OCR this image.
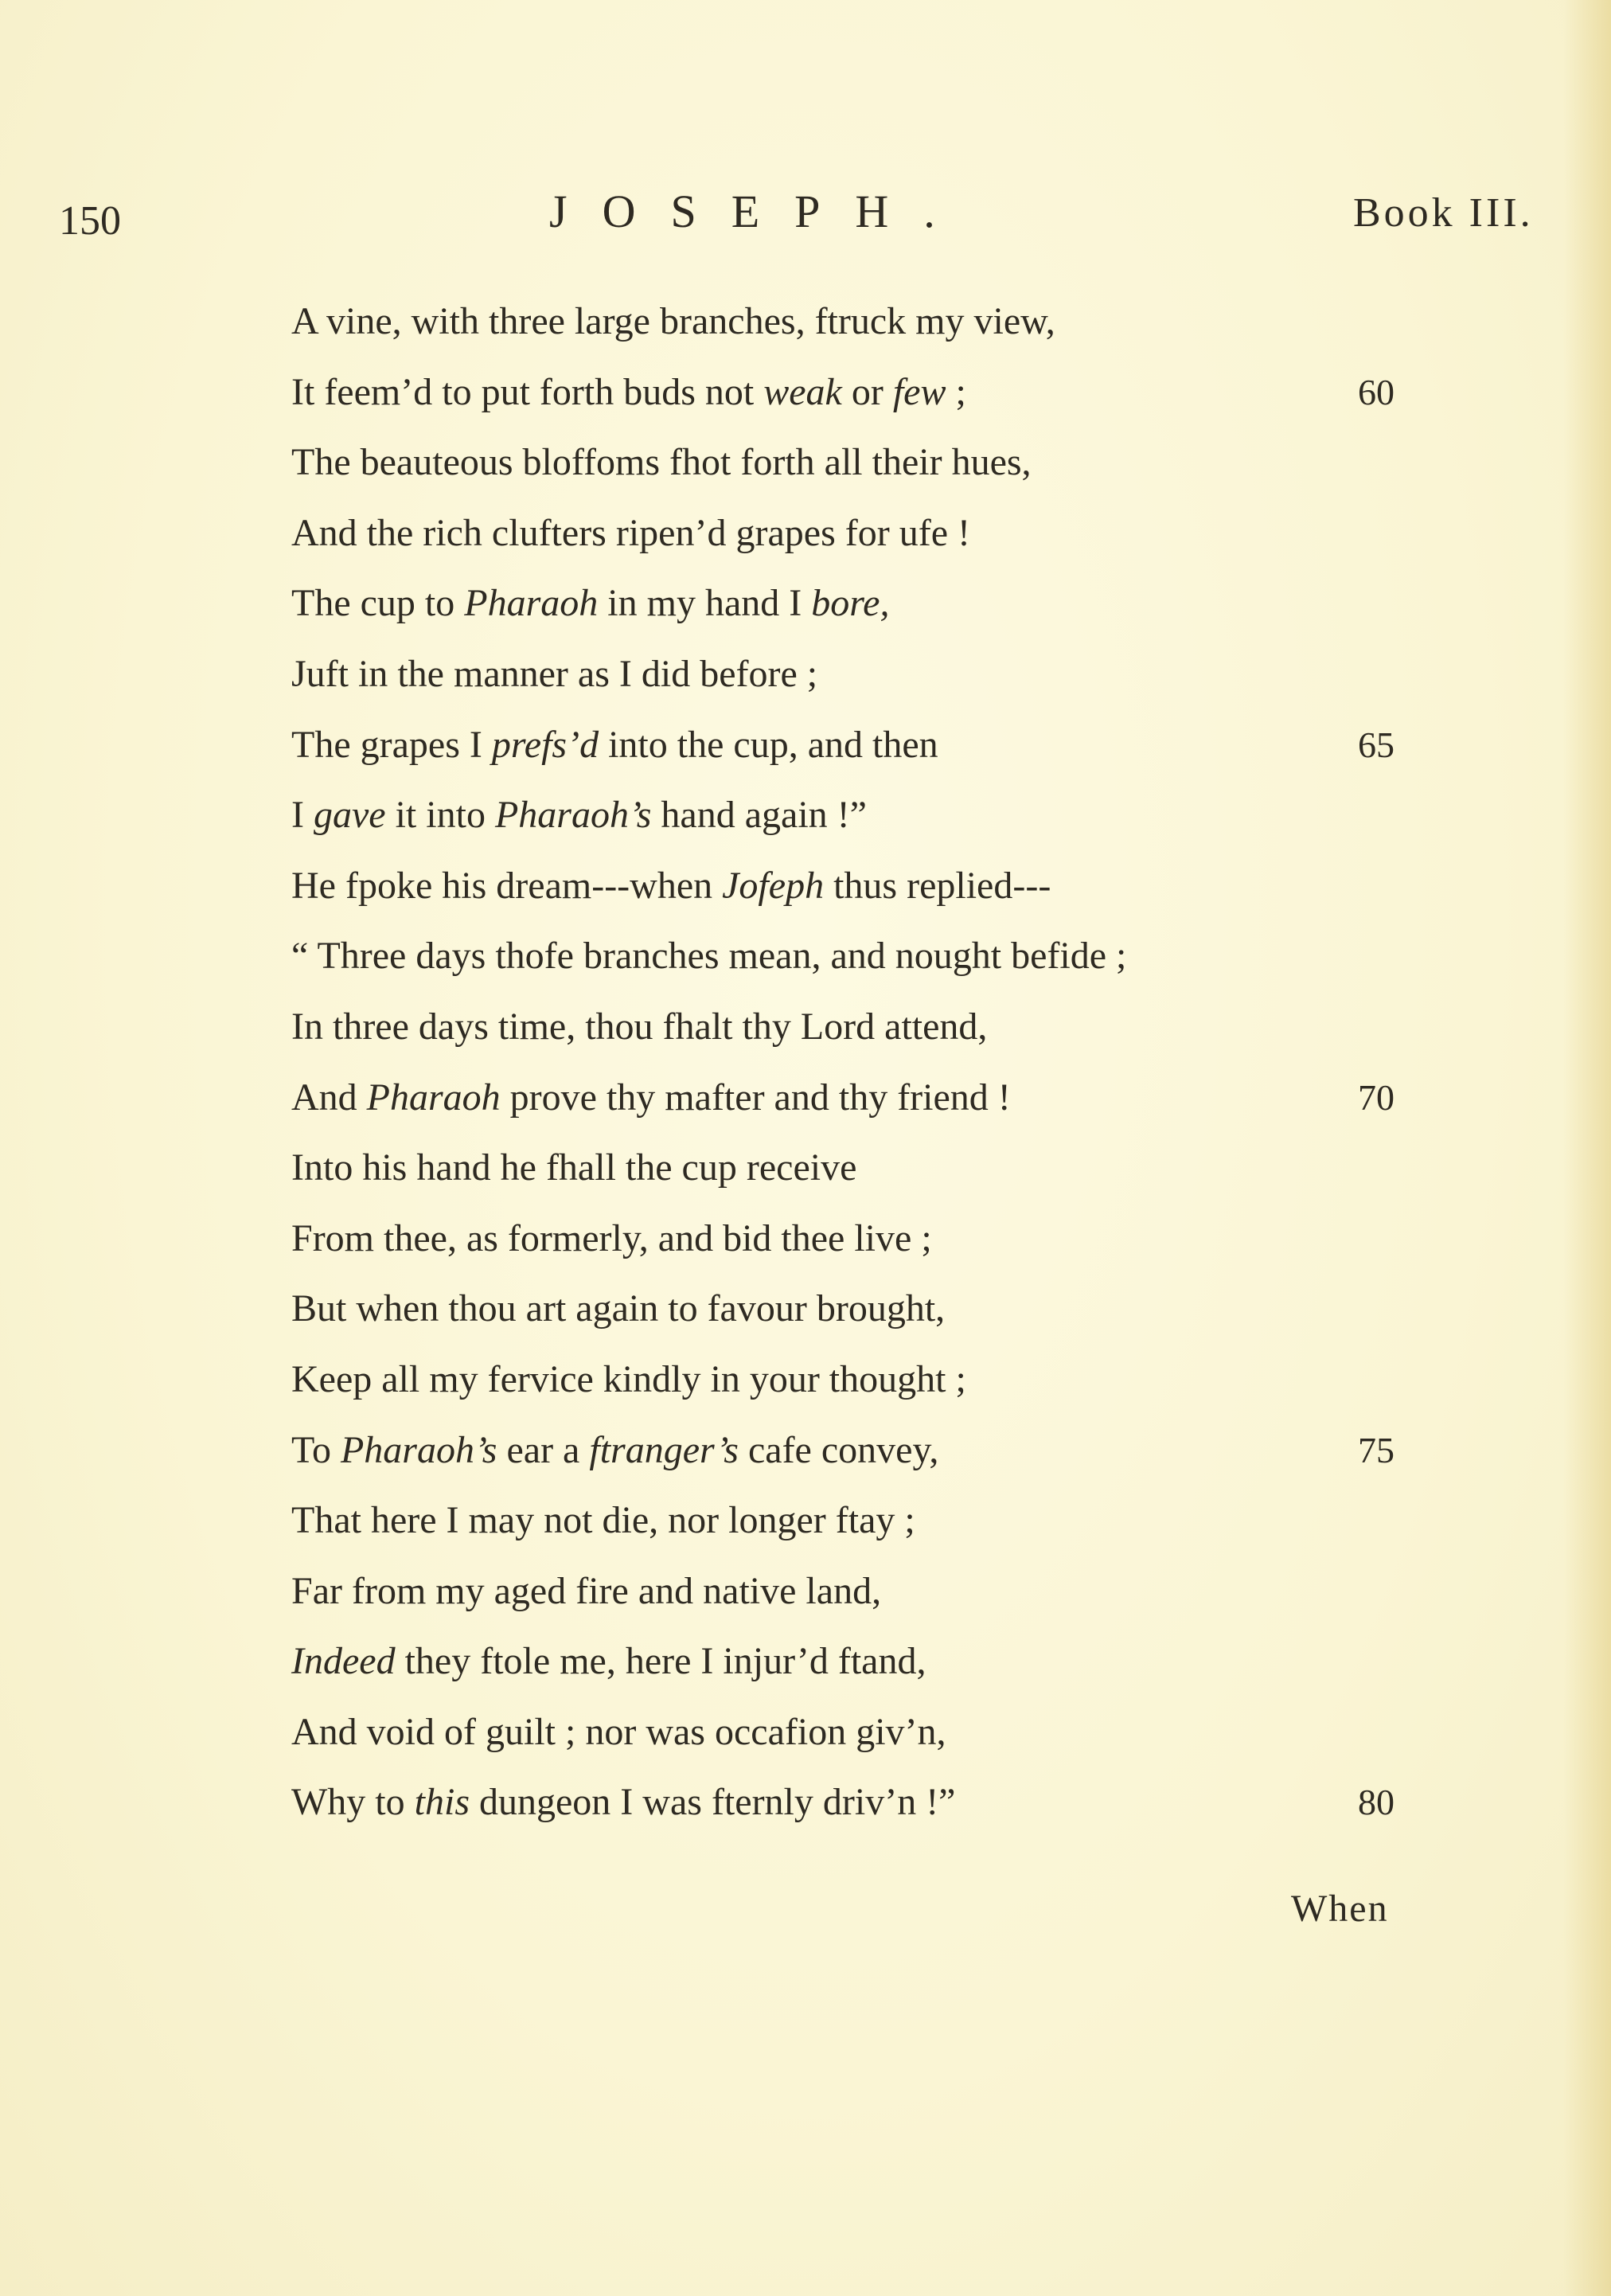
150	JOSEPH.	Book III.
A vine, with three large branches, ftruck my view,
It feem’d to put forth buds not weak or few ;	60
The beauteous bloffoms fhot forth all their hues,
And the rich clufters ripen’d grapes for ufe !
The cup to Pharaoh in my hand I bore,
Juft in the manner as I did before ;
The grapes I prefs’d into the cup, and then	65
I gave it into Pharaoh’s hand again !”
He fpoke his dream---when Jofeph thus replied---
“ Three days thofe branches mean, and nought befide ;
In three days time, thou fhalt thy Lord attend,
And Pharaoh prove thy mafter and thy friend !	70
Into his hand he fhall the cup receive
From thee, as formerly, and bid thee live ;
But when thou art again to favour brought,
Keep all my fervice kindly in your thought ;
To Pharaoh’s ear a ftranger’s cafe convey,	75
That here I may not die, nor longer ftay ;
Far from my aged fire and native land,
Indeed they ftole me, here I injur’d ftand,
And void of guilt ; nor was occafion giv’n,
Why to this dungeon I was fternly driv’n !”	80
When
